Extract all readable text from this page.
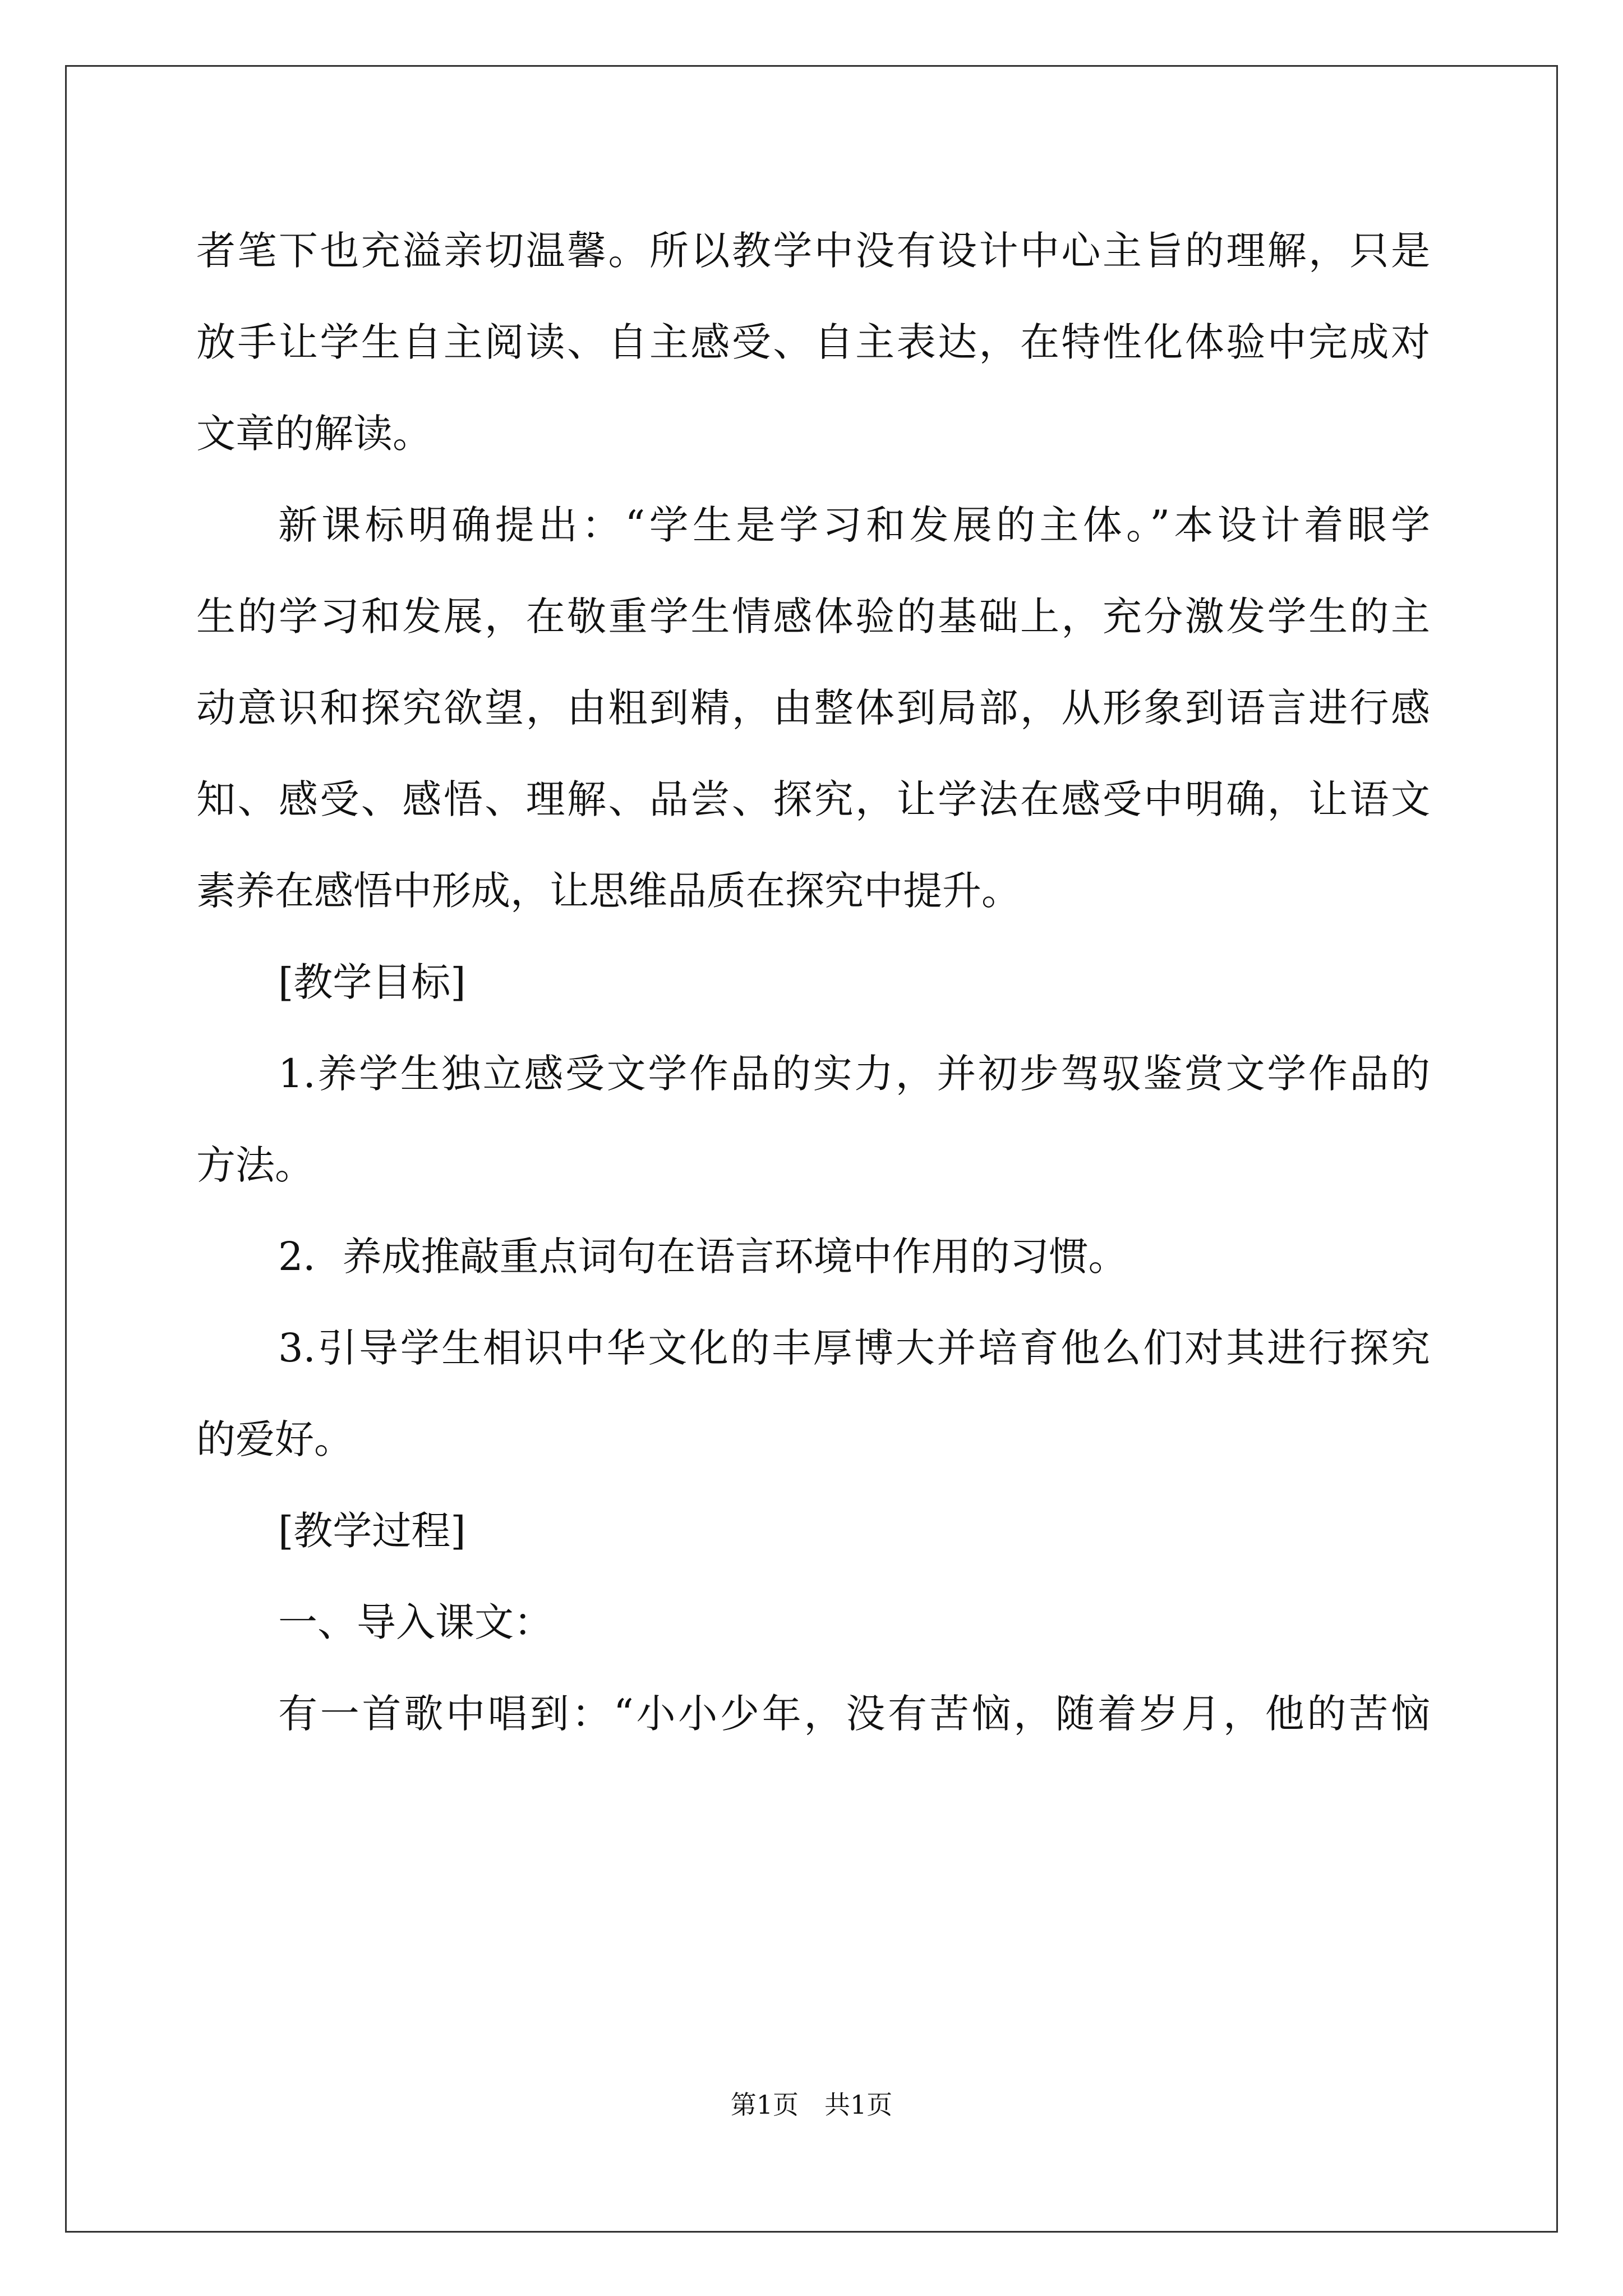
者笔下也充溢亲切温馨。所以教学中没有设计中心主旨的理解，只是
放手让学生自主阅读、自主感受、自主表达，在特性化体验中完成对
文章的解读。
新课标明确提出：“学生是学习和发展的主体。”本设计着眼学
生的学习和发展，在敬重学生情感体验的基础上，充分激发学生的主
动意识和探究欲望，由粗到精，由整体到局部，从形象到语言进行感
知、感受、感悟、理解、品尝、探究，让学法在感受中明确，让语文
素养在感悟中形成，让思维品质在探究中提升。
[教学目标]
1.养学生独立感受文学作品的实力，并初步驾驭鉴赏文学作品的
方法。
2．养成推敲重点词句在语言环境中作用的习惯。
3.引导学生相识中华文化的丰厚博大并培育他么们对其进行探究
的爱好。
[教学过程]
一、导入课文：
有一首歌中唱到：“小小少年，没有苦恼，随着岁月，他的苦恼
第1页　共1页
